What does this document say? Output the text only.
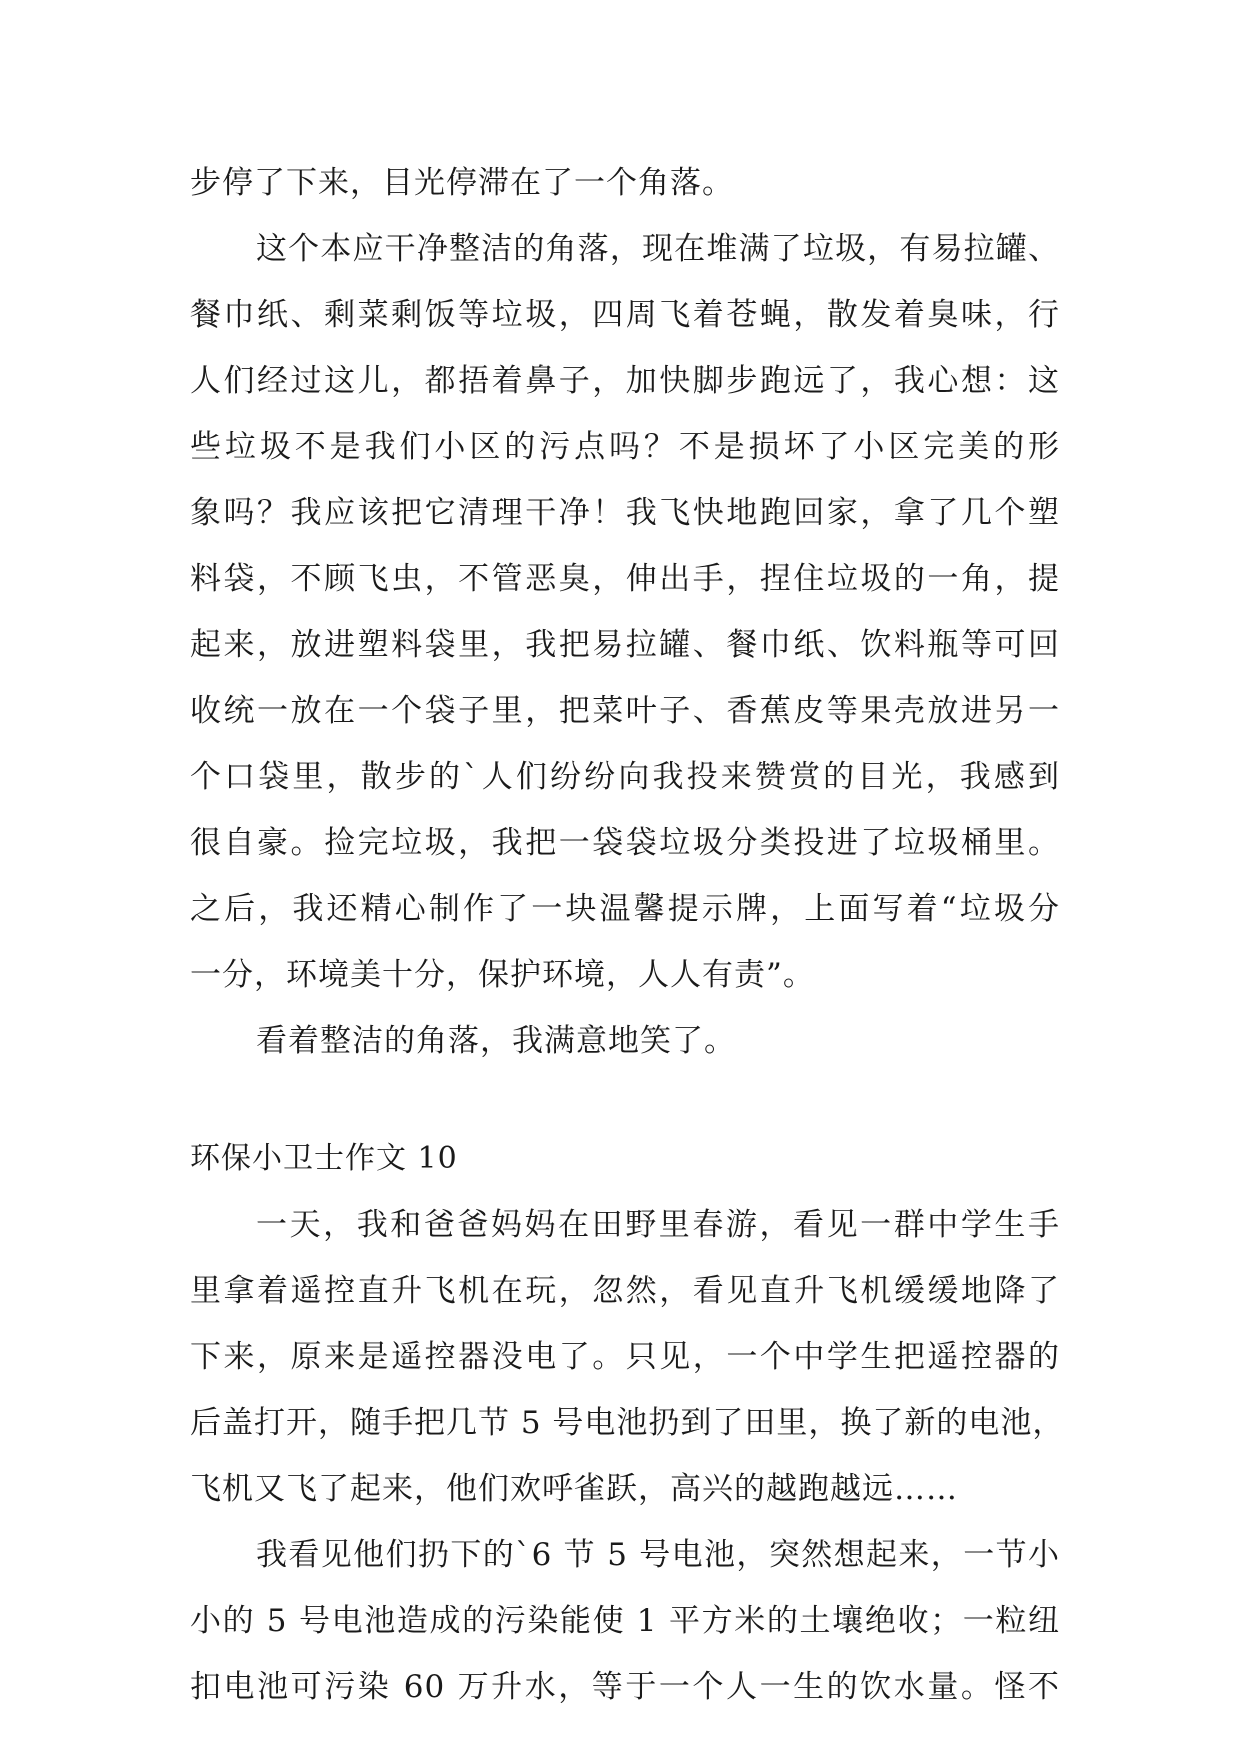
步停了下来，目光停滞在了一个角落。
这个本应干净整洁的角落，现在堆满了垃圾，有易拉罐、
餐巾纸、剩菜剩饭等垃圾，四周飞着苍蝇，散发着臭味，行
人们经过这儿，都捂着鼻子，加快脚步跑远了，我心想：这
些垃圾不是我们小区的污点吗？不是损坏了小区完美的形
象吗？我应该把它清理干净！我飞快地跑回家，拿了几个塑
料袋，不顾飞虫，不管恶臭，伸出手，捏住垃圾的一角，提
起来，放进塑料袋里，我把易拉罐、餐巾纸、饮料瓶等可回
收统一放在一个袋子里，把菜叶子、香蕉皮等果壳放进另一
个口袋里，散步的`人们纷纷向我投来赞赏的目光，我感到
很自豪。捡完垃圾，我把一袋袋垃圾分类投进了垃圾桶里。
之后，我还精心制作了一块温馨提示牌，上面写着“垃圾分
一分，环境美十分，保护环境，人人有责”。
看着整洁的角落，我满意地笑了。
环保小卫士作文 10
一天，我和爸爸妈妈在田野里春游，看见一群中学生手
里拿着遥控直升飞机在玩，忽然，看见直升飞机缓缓地降了
下来，原来是遥控器没电了。只见，一个中学生把遥控器的
后盖打开，随手把几节 5 号电池扔到了田里，换了新的电池，
飞机又飞了起来，他们欢呼雀跃，高兴的越跑越远……
我看见他们扔下的`6 节 5 号电池，突然想起来，一节小
小的 5 号电池造成的污染能使 1 平方米的土壤绝收；一粒纽
扣电池可污染 60 万升水，等于一个人一生的饮水量。怪不
